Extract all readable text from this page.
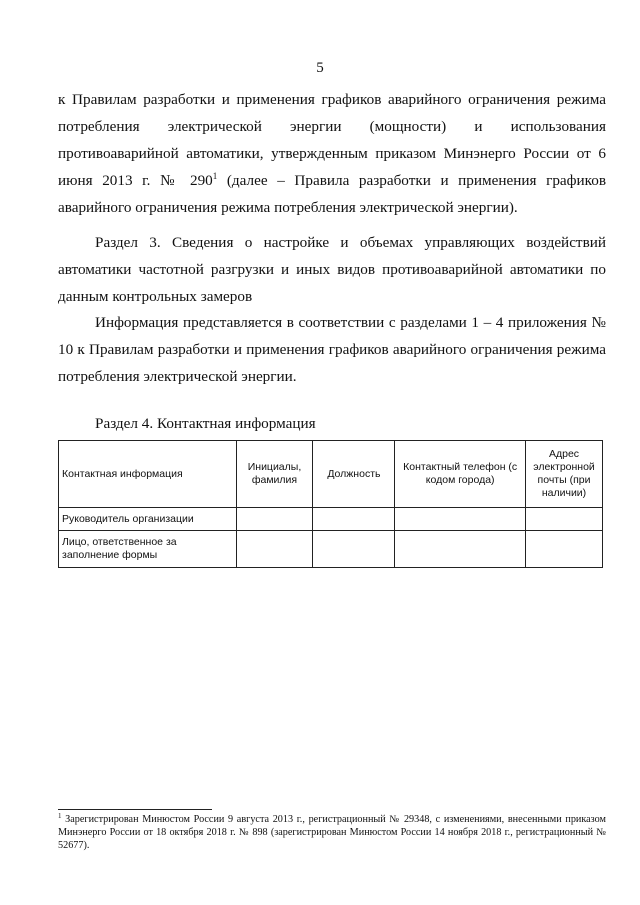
5

к Правилам разработки и применения графиков аварийного ограничения режима потребления электрической энергии (мощности) и использования противоаварийной автоматики, утвержденным приказом Минэнерго России от 6 июня 2013 г. № $290^1$ (далее – Правила разработки и применения графиков аварийного ограничения режима потребления электрической энергии).

Раздел 3. Сведения о настройке и объемах управляющих воздействий автоматики частотной разгрузки и иных видов противоаварийной автоматики по данным контрольных замеров

Информация представляется в соответствии с разделами 1 – 4 приложения № 10 к Правилам разработки и применения графиков аварийного ограничения режима потребления электрической энергии.

Раздел 4. Контактная информация
Контактная информация	Инициалы, фамилия	Должность	Контактный телефон (с кодом города)	Адрес электронной почты (при наличии)
Руководитель организации				
Лицо, ответственное за заполнение формы				

$^1$ Зарегистрирован Минюстом России 9 августа 2013 г., регистрационный № 29348, с изменениями, внесенными приказом Минэнерго России от 18 октября 2018 г. № 898 (зарегистрирован Минюстом России 14 ноября 2018 г., регистрационный № 52677).
